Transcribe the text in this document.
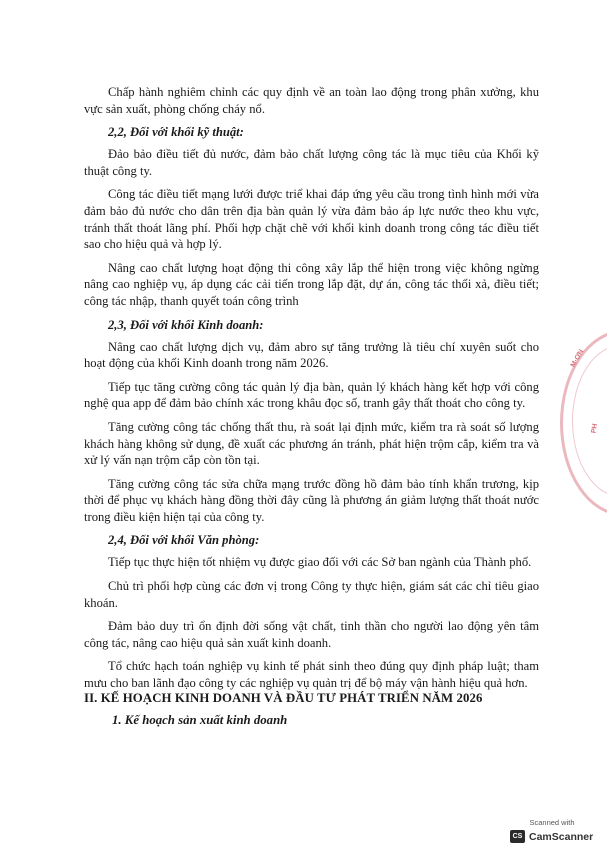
Chấp hành nghiêm chỉnh các quy định về an toàn lao động trong phân xưởng, khu vực sản xuất, phòng chống cháy nổ.

2,2, Đối với khối kỹ thuật:

Đảo bảo điều tiết đủ nước, đảm bảo chất lượng công tác là mục tiêu của Khối kỹ thuật công ty.

Công tác điều tiết mạng lưới được triể khai đáp ứng yêu cầu trong tình hình mới vừa đảm bảo đủ nước cho dân trên địa bàn quản lý vừa đảm bảo áp lực nước theo khu vực, tránh thất thoát lãng phí. Phối hợp chặt chẽ với khối kinh doanh trong công tác điều tiết sao cho hiệu quả và hợp lý.

Nâng cao chất lượng hoạt động thi công xây lắp thể hiện trong việc không ngừng nâng cao nghiệp vụ, áp dụng các cải tiến trong lắp đặt, dự án, công tác thối xả, điều tiết; công tác nhập, thanh quyết toán công trình

2,3, Đối với khối Kinh doanh:

Nâng cao chất lượng dịch vụ, đảm abro sự tăng trưởng là tiêu chí xuyên suốt cho hoạt động của khối Kinh doanh trong năm 2026.

Tiếp tục tăng cường công tác quản lý địa bàn, quản lý khách hàng kết hợp với công nghệ qua app để đảm bảo chính xác trong khâu đọc số, tranh gây thất thoát cho công ty.

Tăng cường công tác chống thất thu, rà soát lại định mức, kiểm tra rà soát số lượng khách hàng không sử dụng, đề xuất các phương án tránh, phát hiện trộm cắp, kiểm tra và xử lý vấn nạn trộm cắp còn tồn tại.

Tăng cường công tác sửa chữa mạng trước đồng hồ đảm bảo tính khẩn trương, kịp thời để phục vụ khách hàng đồng thời đây cũng là phương án giảm lượng thất thoát nước trong điều kiện hiện tại của công ty.

2,4, Đối với khối Văn phòng:

Tiếp tục thực hiện tốt nhiệm vụ được giao đối với các Sở ban ngành của Thành phố.

Chủ trì phối hợp cùng các đơn vị trong Công ty thực hiện, giám sát các chỉ tiêu giao khoán.

Đảm bảo duy trì ổn định đời sống vật chất, tinh thần cho người lao động yên tâm công tác, nâng cao hiệu quả sản xuất kinh doanh.

Tổ chức hạch toán nghiệp vụ kinh tế phát sinh theo đúng quy định pháp luật; tham mưu cho ban lãnh đạo công ty các nghiệp vụ quản trị để bộ máy vận hành hiệu quả hơn.

II. KẾ HOẠCH KINH DOANH VÀ ĐẦU TƯ PHÁT TRIỂN NĂM 2026
1. Kế hoạch sản xuất kinh doanh
M·ƠN
PH
Scanned with
CS CamScanner
